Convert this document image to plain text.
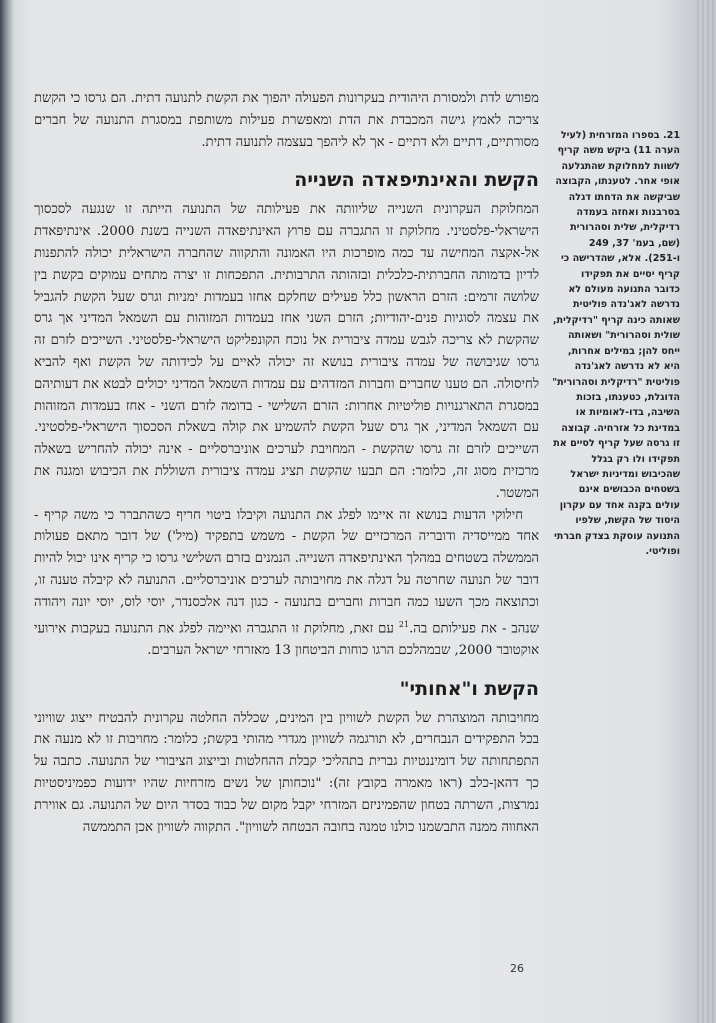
מפורש לדת ולמסורת היהודית בעקרונות הפעולה יהפוך את הקשת לתנועה דתית. הם גרסו כי הקשת צריכה לאמץ גישה המכבדת את הדת ומאפשרת פעילות משותפת במסגרת התנועה של חברים מסורתיים, דתיים ולא דתיים - אך לא ליהפך בעצמה לתנועה דתית.

הקשת והאינתיפאדה השנייה

המחלוקת העקרונית השנייה שליוותה את פעילותה של התנועה הייתה זו שנגעה לסכסוך הישראלי-פלסטיני. מחלוקת זו התגברה עם פרוץ האינתיפאדה השנייה בשנת 2000. אינתיפאדת אל-אקצה המחישה עד כמה מופרכות היו האמונה והתקווה שהחברה הישראלית יכולה להתפנות לדיון בדמותה החברתית-כלכלית ובזהותה התרבותית. התפכחות זו יצרה מתחים עמוקים בקשת בין שלושה זרמים: הזרם הראשון כלל פעילים שחלקם אחזו בעמדות ימניות וגרס שעל הקשת להגביל את עצמה לסוגיות פנים-יהודיות; הזרם השני אחז בעמדות המזוהות עם השמאל המדיני אך גרס שהקשת לא צריכה לגבש עמדה ציבורית אל נוכח הקונפליקט הישראלי-פלסטיני. השייכים לזרם זה גרסו שגיבושה של עמדה ציבורית בנושא זה יכולה לאיים על לכידותה של הקשת ואף להביא לחיסולה. הם טענו שחברים וחברות המזדהים עם עמדות השמאל המדיני יכולים לבטא את דעותיהם במסגרת התארגנויות פוליטיות אחרות: הזרם השלישי - בדומה לזרם השני - אחז בעמדות המזוהות עם השמאל המדיני, אך גרס שעל הקשת להשמיע את קולה בשאלת הסכסוך הישראלי-פלסטיני. השייכים לזרם זה גרסו שהקשת - המחויבת לערכים אוניברסליים - אינה יכולה להחריש בשאלה מרכזית מסוג זה, כלומר: הם תבעו שהקשת תציג עמדה ציבורית השוללת את הכיבוש ומגנה את המשטר.

חילוקי הדעות בנושא זה איימו לפלג את התנועה וקיבלו ביטוי חריף כשהתברר כי משה קריף - אחד ממייסדיה ודובריה המרכזיים של הקשת - משמש בתפקיד (מיל') של דובר מתאם פעולות הממשלה בשטחים במהלך האינתיפאדה השנייה. הנמנים בזרם השלישי גרסו כי קריף אינו יכול להיות דובר של תנועה שחרטה על דגלה את מחויבותה לערכים אוניברסליים. התנועה לא קיבלה טענה זו, וכתוצאה מכך השעו כמה חברות וחברים בתנועה - כגון דנה אלכסנדר, יוסי לוס, יוסי יונה ויהודה שנהב - את פעילותם בה.$^{21}$ עם זאת, מחלוקת זו התגברה ואיימה לפלג את התנועה בעקבות אירועי אוקטובר 2000, שבמהלכם הרגו כוחות הביטחון 13 מאזרחי ישראל הערבים.

הקשת ו"אחותי"

מחויבותה המוצהרת של הקשת לשוויון בין המינים, שכללה החלטה עקרונית להבטיח ייצוג שוויוני בכל התפקידים הנבחרים, לא תורגמה לשוויון מגדרי מהותי בקשת; כלומר: מחויבות זו לא מנעה את התפתחותה של דומיננטיות גברית בתהליכי קבלת ההחלטות ובייצוג הציבורי של התנועה. כתבה על כך דהאן-כלב (ראו מאמרה בקובץ זה): "נוכחותן של נשים מזרחיות שהיו ידועות כפמיניסטיות נמרצות, השרתה בטחון שהפמיניזם המזרחי יקבל מקום של כבוד בסדר היום של התנועה. גם אווירת האחווה ממנה התבשמנו כולנו טמנה בחובה הבטחה לשוויון". התקווה לשוויון אכן התממשה

21. בספרו המזרחית (לעיל הערה 11) ביקש משה קריף לשוות למחלוקת שהתגלעה אופי אחר. לטענתו, הקבוצה שביקשה את הדחתו דגלה בסרבנות ואחזה בעמדה רדיקלית, שלית וסהרורית (שם, בעמ' 37, 249 ו-251). אלא, שהדרישה כי קריף יסיים את תפקידו כדובר התנועה מעולם לא נדרשה לאג'נדה פוליטית שאותה כינה קריף "רדיקלית, שולית וסהרורית" ושאותה ייחס להן; במילים אחרות, היא לא נדרשה לאג'נדה פוליטית "רדיקלית וסהרורית" הדוגלת, כטענתו, בזכות השיבה, בדו-לאומיות או במדינת כל אזרחיה. קבוצה זו גרסה שעל קריף לסיים את תפקידו ולו רק בגלל שהכיבוש ומדיניות ישראל בשטחים הכבושים אינם עולים בקנה אחד עם עקרון היסוד של הקשת, שלפיו התנועה עוסקת בצדק חברתי ופוליטי.
26
